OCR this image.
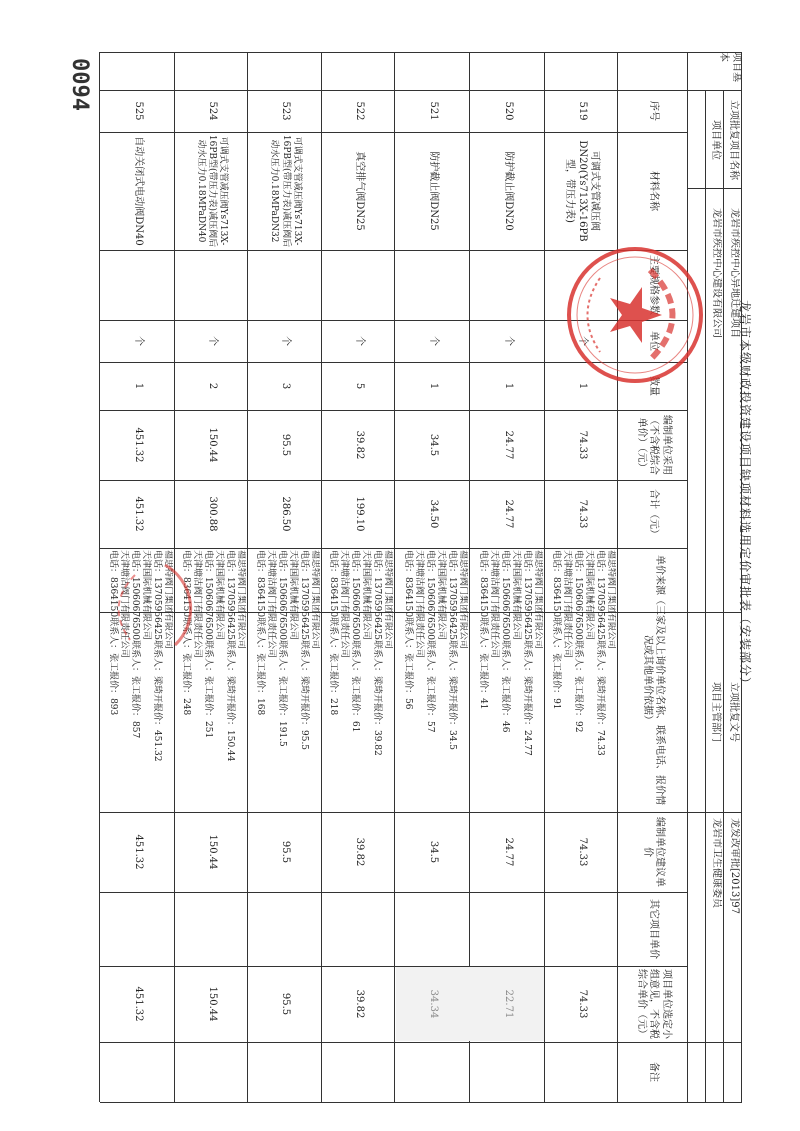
龙岩市本级财政投资建设项目缺项材料选用定价审批表（安装部分）
项目基本
立项批复项目名称
龙岩市疾控中心异地迁建项目
项目单位
龙岩市疾控中心建设有限公司
立项批复文号
龙发改审批[2013]97
项目主管部门
龙岩市卫生健康委员
序号
材料名称
主要规格参数
单位
数量
编制单位采用（不含税综合单价）（元）
合计（元）
单价来源（三家及以上询价单位名称、联系电话、报价情况或其他单价依据）
编制单位建议单价
其它项目单价
项目单位选定小组意见，不含税综合单价（元）
备注
519
可调式支管减压阀DN20(Ys713X-16PB型，带压力表)
个
1
74.33
74.33
福思特阀门集团有限公司
电话：13705956425联系人：梁琦开报价：74.33
天津国际机械有限公司
电话：15060676500联系人：张工报价：92
天津塘沽阀门有限责任公司
电话：8364150联系人：张工报价：91
74.33
74.33
520
防护截止阀DN20
个
1
24.77
24.77
福思特阀门集团有限公司
电话：13705956425联系人：梁琦开报价：24.77
天津国际机械有限公司
电话：15060676500联系人：张工报价：46
天津塘沽阀门有限责任公司
电话：8364150联系人：张工报价：41
24.77
22.71
521
防护截止阀DN25
个
1
34.5
34.50
福思特阀门集团有限公司
电话：13705956425联系人：梁琦开报价：34.5
天津国际机械有限公司
电话：15060676500联系人：张工报价：57
天津塘沽阀门有限责任公司
电话：8364150联系人：张工报价：56
34.5
34.34
522
真空排气阀DN25
个
5
39.82
199.10
福思特阀门集团有限公司
电话：13705956425联系人：梁琦开报价：39.82
天津国际机械有限公司
电话：15060676500联系人：张工报价：61
天津塘沽阀门有限责任公司
电话：8364150联系人：张工报价：218
39.82
39.82
523
可调式支管减压阀Ys713X-16PB型(带压力表)减压阀后动水压力0.18MPaDN32
个
3
95.5
286.50
福思特阀门集团有限公司
电话：13705956425联系人：梁琦开报价：95.5
天津国际机械有限公司
电话：15060676500联系人：张工报价：191.5
天津塘沽阀门有限责任公司
电话：8364150联系人：张工报价：168
95.5
95.5
524
可调式支管减压阀Ys713X-16PB型(带压力表)减压阀后动水压力0.18MPaDN40
个
2
150.44
300.88
福思特阀门集团有限公司
电话：13705956425联系人：梁琦开报价：150.44
天津国际机械有限公司
电话：15060676500联系人：张工报价：251
天津塘沽阀门有限责任公司
电话：8364150联系人：张工报价：248
150.44
150.44
525
自动关闭式电动阀DN40
个
1
451.32
451.32
福思特阀门集团有限公司
电话：13705956425联系人：梁琦开报价：451.32
天津国际机械有限公司
电话：15060676500联系人：张工报价：857
天津塘沽阀门有限责任公司
电话：8364150联系人：张工报价：893
451.32
451.32
0094
